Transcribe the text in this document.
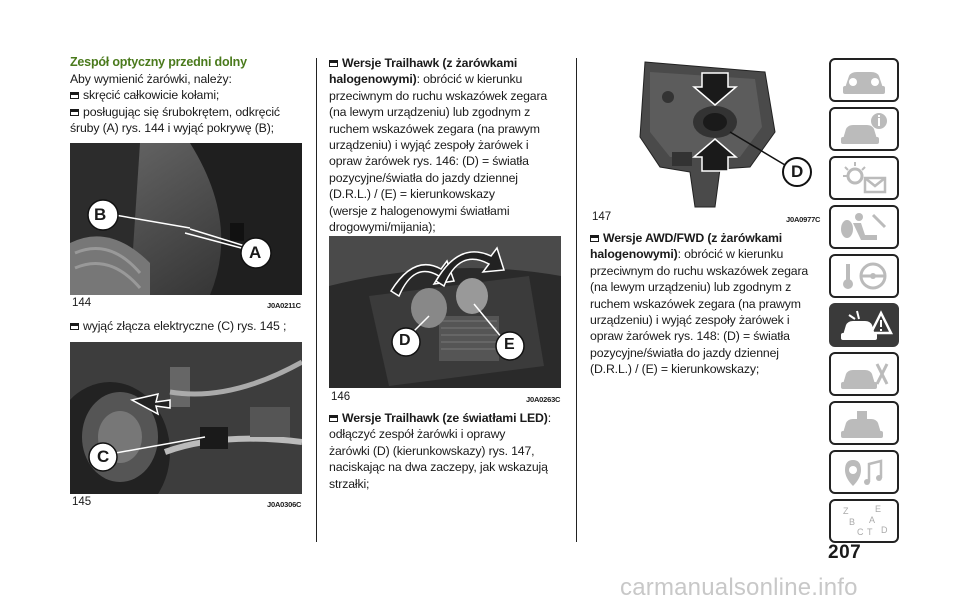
Zespół optyczny przedni dolny
Aby wymienić żarówki, należy:
skręcić całkowicie kołami;
posługując się śrubokrętem, odkręcić
śruby (A) rys. 144 i wyjąć pokrywę (B);
B
A
144	J0A0211C
wyjąć złącza elektryczne (C) rys. 145 ;
C
145	J0A0306C
Wersje Trailhawk (z żarówkami
halogenowymi): obrócić w kierunku
przeciwnym do ruchu wskazówek zegara
(na lewym urządzeniu) lub zgodnym z
ruchem wskazówek zegara (na prawym
urządzeniu) i wyjąć zespoły żarówek i
opraw żarówek rys. 146: (D) = światła
pozycyjne/światła do jazdy dziennej
(D.R.L.) / (E) = kierunkowskazy
(wersje z halogenowymi światłami
drogowymi/mijania);
D	E
146	J0A0263C
Wersje Trailhawk (ze światłami LED):
odłączyć zespół żarówki i oprawy
żarówki (D) (kierunkowskazy) rys. 147,
naciskając na dwa zaczepy, jak wskazują
strzałki;
D
147	J0A0977C
Wersje AWD/FWD (z żarówkami
halogenowymi): obrócić w kierunku
przeciwnym do ruchu wskazówek zegara
(na lewym urządzeniu) lub zgodnym z
ruchem wskazówek zegara (na prawym
urządzeniu) i wyjąć zespoły żarówek i
opraw żarówek rys. 148: (D) = światła
pozycyjne/światła do jazdy dziennej
(D.R.L.) / (E) = kierunkowskazy;
Z	E
B A
C T D
207
carmanualsonline.info
